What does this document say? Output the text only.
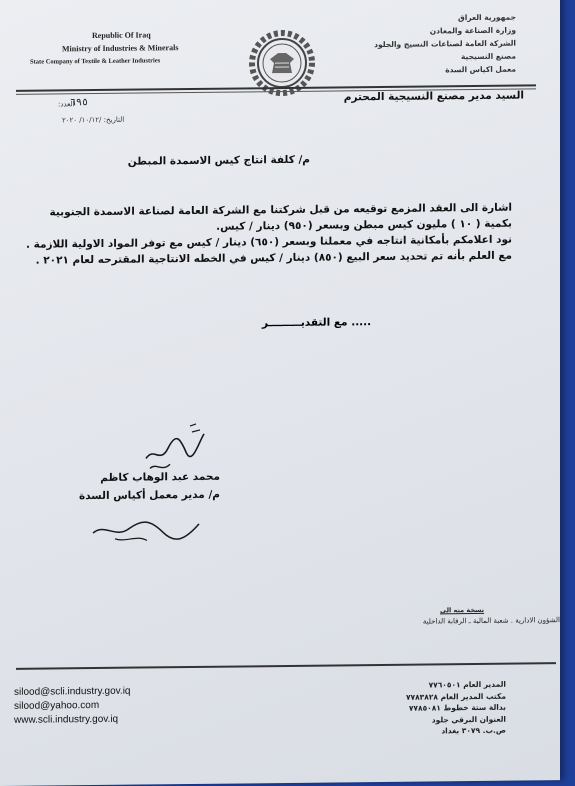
Republic Of Iraq
Ministry of Industries & Minerals
State Company of Textile & Leather Industries
جمهورية العراق
وزارة الصناعة والمعادن
الشركة العامة لصناعات النسيج والجلود
مصنع النسيجية
معمل اكياس السدة
السيد مدير مصنع النسيجية المحترم
العدد:
٦٩٥
التاريخ: /١٠/١٢/ ٢٠٢٠
م/ كلفة انتاج كيس الاسمدة المبطن

اشارة الى العقد المزمع توقيعه من قبل شركتنا مع الشركة العامة لصناعة الاسمدة الجنوبية بكمية ( ١٠ ) مليون كيس مبطن وبسعر (٩٥٠) دينار / كيس.

نود اعلامكم بأمكانية انتاجه في معملنا وبسعر (٦٥٠) دينار / كيس مع توفر المواد الاولية اللازمة . مع العلم بأنه تم تحديد سعر البيع (٨٥٠) دينار / كيس في الخطه الانتاجية المقترحه لعام ٢٠٢١ .

..... مع التقديـــــــــر
محمد عبد الوهاب كاظم
م/ مدير معمل أكياس السدة
نسخة منه الى
الشؤون الادارية . شعبة المالية ـ الرقابة الداخلية
silood@scli.industry.gov.iq
silood@yahoo.com
www.scli.industry.gov.iq
المدير العام ٧٧٦٠٥٠١
مكتب المدير العام ٧٧٨٣٨٢٨
بدالة ستة خطوط ٧٧٨٥٠٨١
العنوان البرقي جلود
ص.ب. ٣٠٧٩ بغداد
